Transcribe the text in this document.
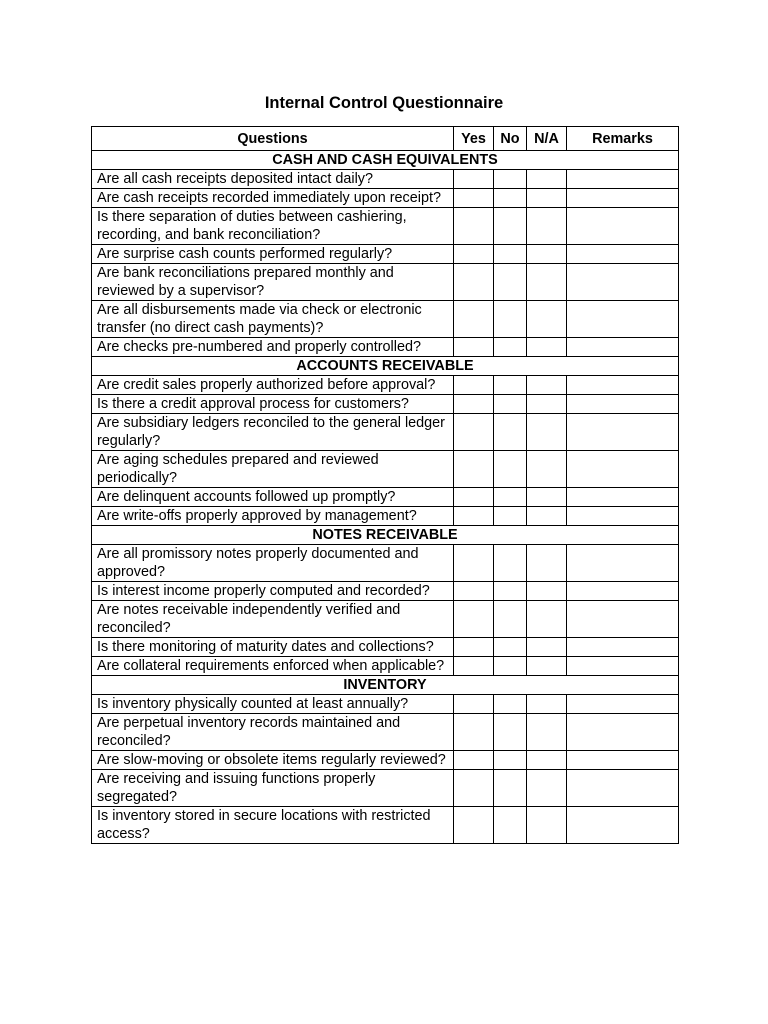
Internal Control Questionnaire
Questions	Yes	No	N/A	Remarks
CASH AND CASH EQUIVALENTS				
Are all cash receipts deposited intact daily?				
Are cash receipts recorded immediately upon receipt?				
Is there separation of duties between cashiering, recording, and bank reconciliation?				
Are surprise cash counts performed regularly?				
Are bank reconciliations prepared monthly and reviewed by a supervisor?				
Are all disbursements made via check or electronic transfer (no direct cash payments)?				
Are checks pre-numbered and properly controlled?				
ACCOUNTS RECEIVABLE				
Are credit sales properly authorized before approval?				
Is there a credit approval process for customers?				
Are subsidiary ledgers reconciled to the general ledger regularly?				
Are aging schedules prepared and reviewed periodically?				
Are delinquent accounts followed up promptly?				
Are write-offs properly approved by management?				
NOTES RECEIVABLE				
Are all promissory notes properly documented and approved?				
Is interest income properly computed and recorded?				
Are notes receivable independently verified and reconciled?				
Is there monitoring of maturity dates and collections?				
Are collateral requirements enforced when applicable?				
INVENTORY				
Is inventory physically counted at least annually?				
Are perpetual inventory records maintained and reconciled?				
Are slow-moving or obsolete items regularly reviewed?				
Are receiving and issuing functions properly segregated?				
Is inventory stored in secure locations with restricted access?				
